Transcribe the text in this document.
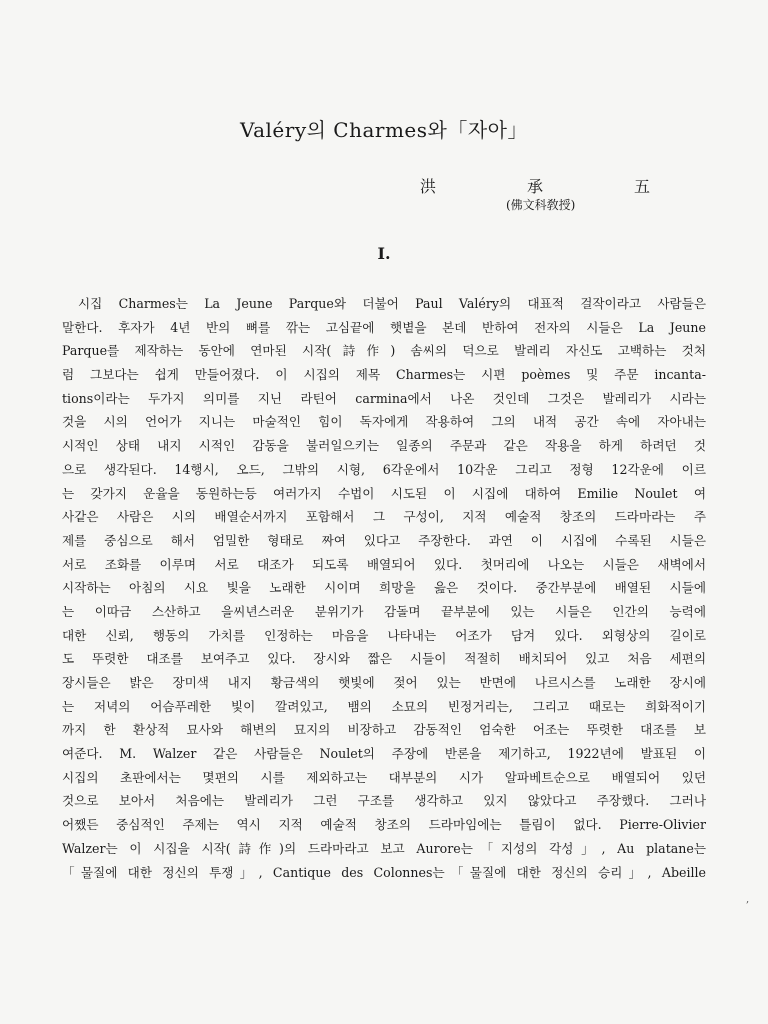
Valéry의 Charmes와「자아」
洪	承	五
(佛文科敎授)
I.
시집 Charmes는 La Jeune Parque와 더불어 Paul Valéry의 대표적 걸작이라고 사람들은
말한다. 후자가 4년 반의 뼈를 깎는 고심끝에 햇볕을 본데 반하여 전자의 시들은 La Jeune
Parque를 제작하는 동안에 연마된 시작(詩作) 솜씨의 덕으로 발레리 자신도 고백하는 것처
럼 그보다는 쉽게 만들어졌다. 이 시집의 제목 Charmes는 시편 poèmes 및 주문 incanta-
tions이라는 두가지 의미를 지닌 라틴어 carmina에서 나온 것인데 그것은 발레리가 시라는
것을 시의 언어가 지니는 마술적인 힘이 독자에게 작용하여 그의 내적 공간 속에 자아내는
시적인 상태 내지 시적인 감동을 불러일으키는 일종의 주문과 같은 작용을 하게 하려던 것
으로 생각된다. 14행시, 오드, 그밖의 시형, 6각운에서 10각운 그리고 정형 12각운에 이르
는 갖가지 운율을 동원하는등 여러가지 수법이 시도된 이 시집에 대하여 Emilie Noulet 여
사같은 사람은 시의 배열순서까지 포함해서 그 구성이, 지적 예술적 창조의 드라마라는 주
제를 중심으로 해서 엄밀한 형태로 짜여 있다고 주장한다. 과연 이 시집에 수록된 시들은
서로 조화를 이루며 서로 대조가 되도록 배열되어 있다. 첫머리에 나오는 시들은 새벽에서
시작하는 아침의 시요 빛을 노래한 시이며 희망을 읊은 것이다. 중간부분에 배열된 시들에
는 이따금 스산하고 을씨년스러운 분위기가 감돌며 끝부분에 있는 시들은 인간의 능력에
대한 신뢰, 행동의 가치를 인정하는 마음을 나타내는 어조가 담겨 있다. 외형상의 길이로
도 뚜렷한 대조를 보여주고 있다. 장시와 짧은 시들이 적절히 배치되어 있고 처음 세편의
장시들은 밝은 장미색 내지 황금색의 햇빛에 젖어 있는 반면에 나르시스를 노래한 장시에
는 저녁의 어슴푸레한 빛이 깔려있고, 뱀의 소묘의 빈정거리는, 그리고 때로는 희화적이기
까지 한 환상적 묘사와 해변의 묘지의 비장하고 감동적인 엄숙한 어조는 뚜렷한 대조를 보
여준다. M. Walzer 같은 사람들은 Noulet의 주장에 반론을 제기하고, 1922년에 발표된 이
시집의 초판에서는 몇편의 시를 제외하고는 대부분의 시가 알파베트순으로 배열되어 있던
것으로 보아서 처음에는 발레리가 그런 구조를 생각하고 있지 않았다고 주장했다. 그러나
어쨌든 중심적인 주제는 역시 지적 예술적 창조의 드라마임에는 틀림이 없다. Pierre-Olivier
Walzer는 이 시집을 시작(詩作)의 드라마라고 보고 Aurore는「지성의 각성」, Au platane는
「물질에 대한 정신의 투쟁」, Cantique des Colonnes는「물질에 대한 정신의 승리」, Abeille
,
